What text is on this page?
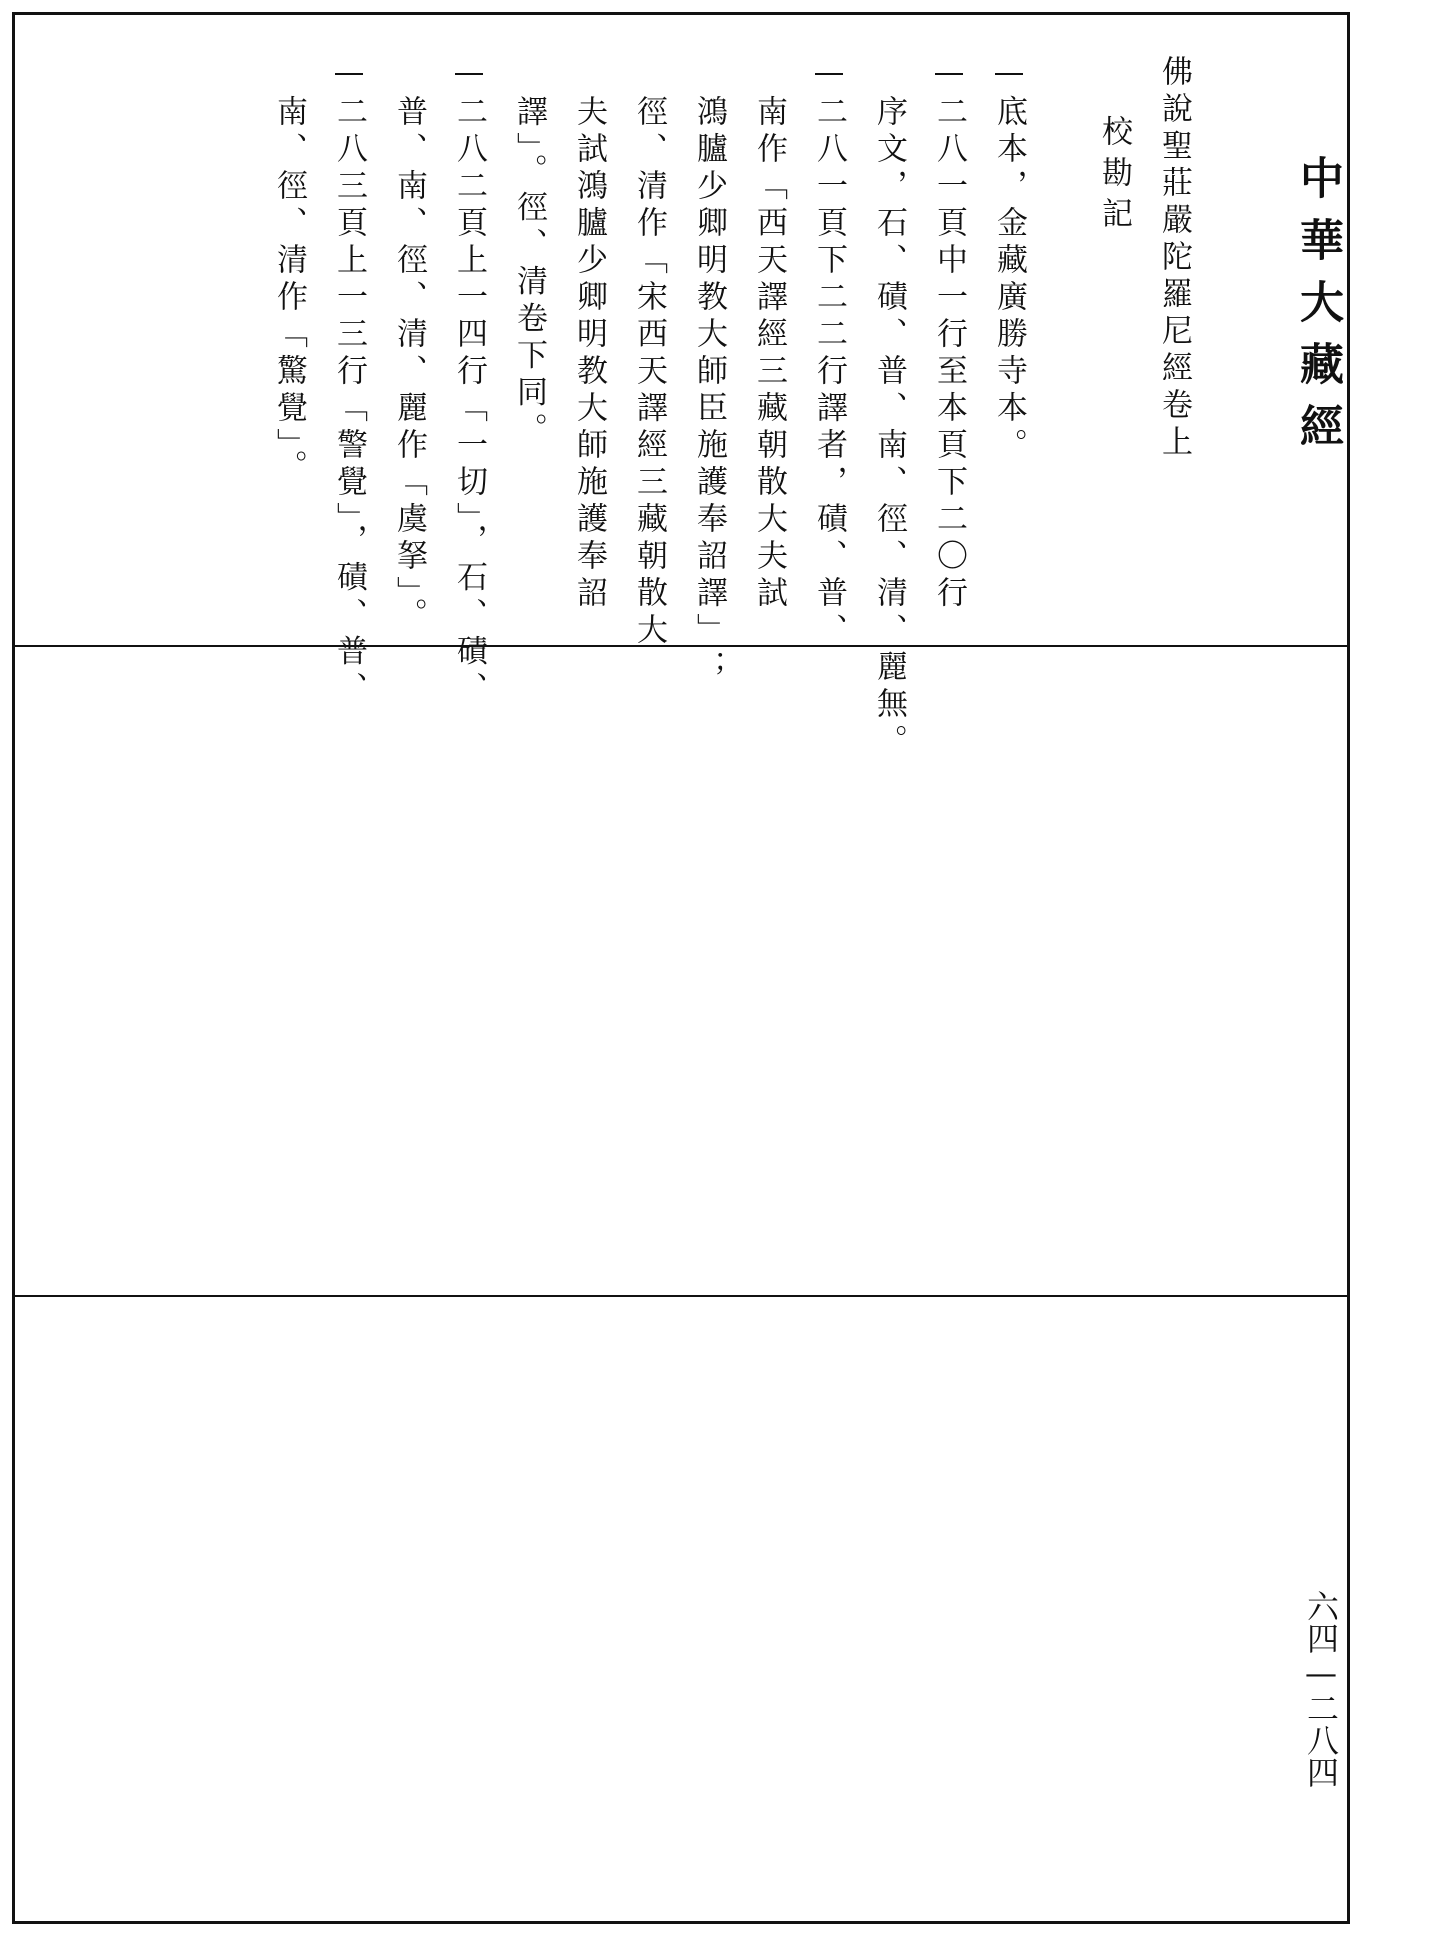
中華大藏經
佛說聖莊嚴陀羅尼經卷上
校勘記
底本，金藏廣勝寺本。
二八一頁中一行至本頁下二〇行
序文，石、磧、普、南、徑、清、麗無。
二八一頁下二二行譯者，磧、普、
南作「西天譯經三藏朝散大夫試
鴻臚少卿明教大師臣施護奉詔譯」；
徑、清作「宋西天譯經三藏朝散大
夫試鴻臚少卿明教大師施護奉詔
譯」。徑、清卷下同。
二八二頁上一四行「一切」，石、磧、
普、南、徑、清、麗作「虞拏」。
二八三頁上一三行「警覺」，磧、普、
南、徑、清作「驚覺」。
六四—二八四
